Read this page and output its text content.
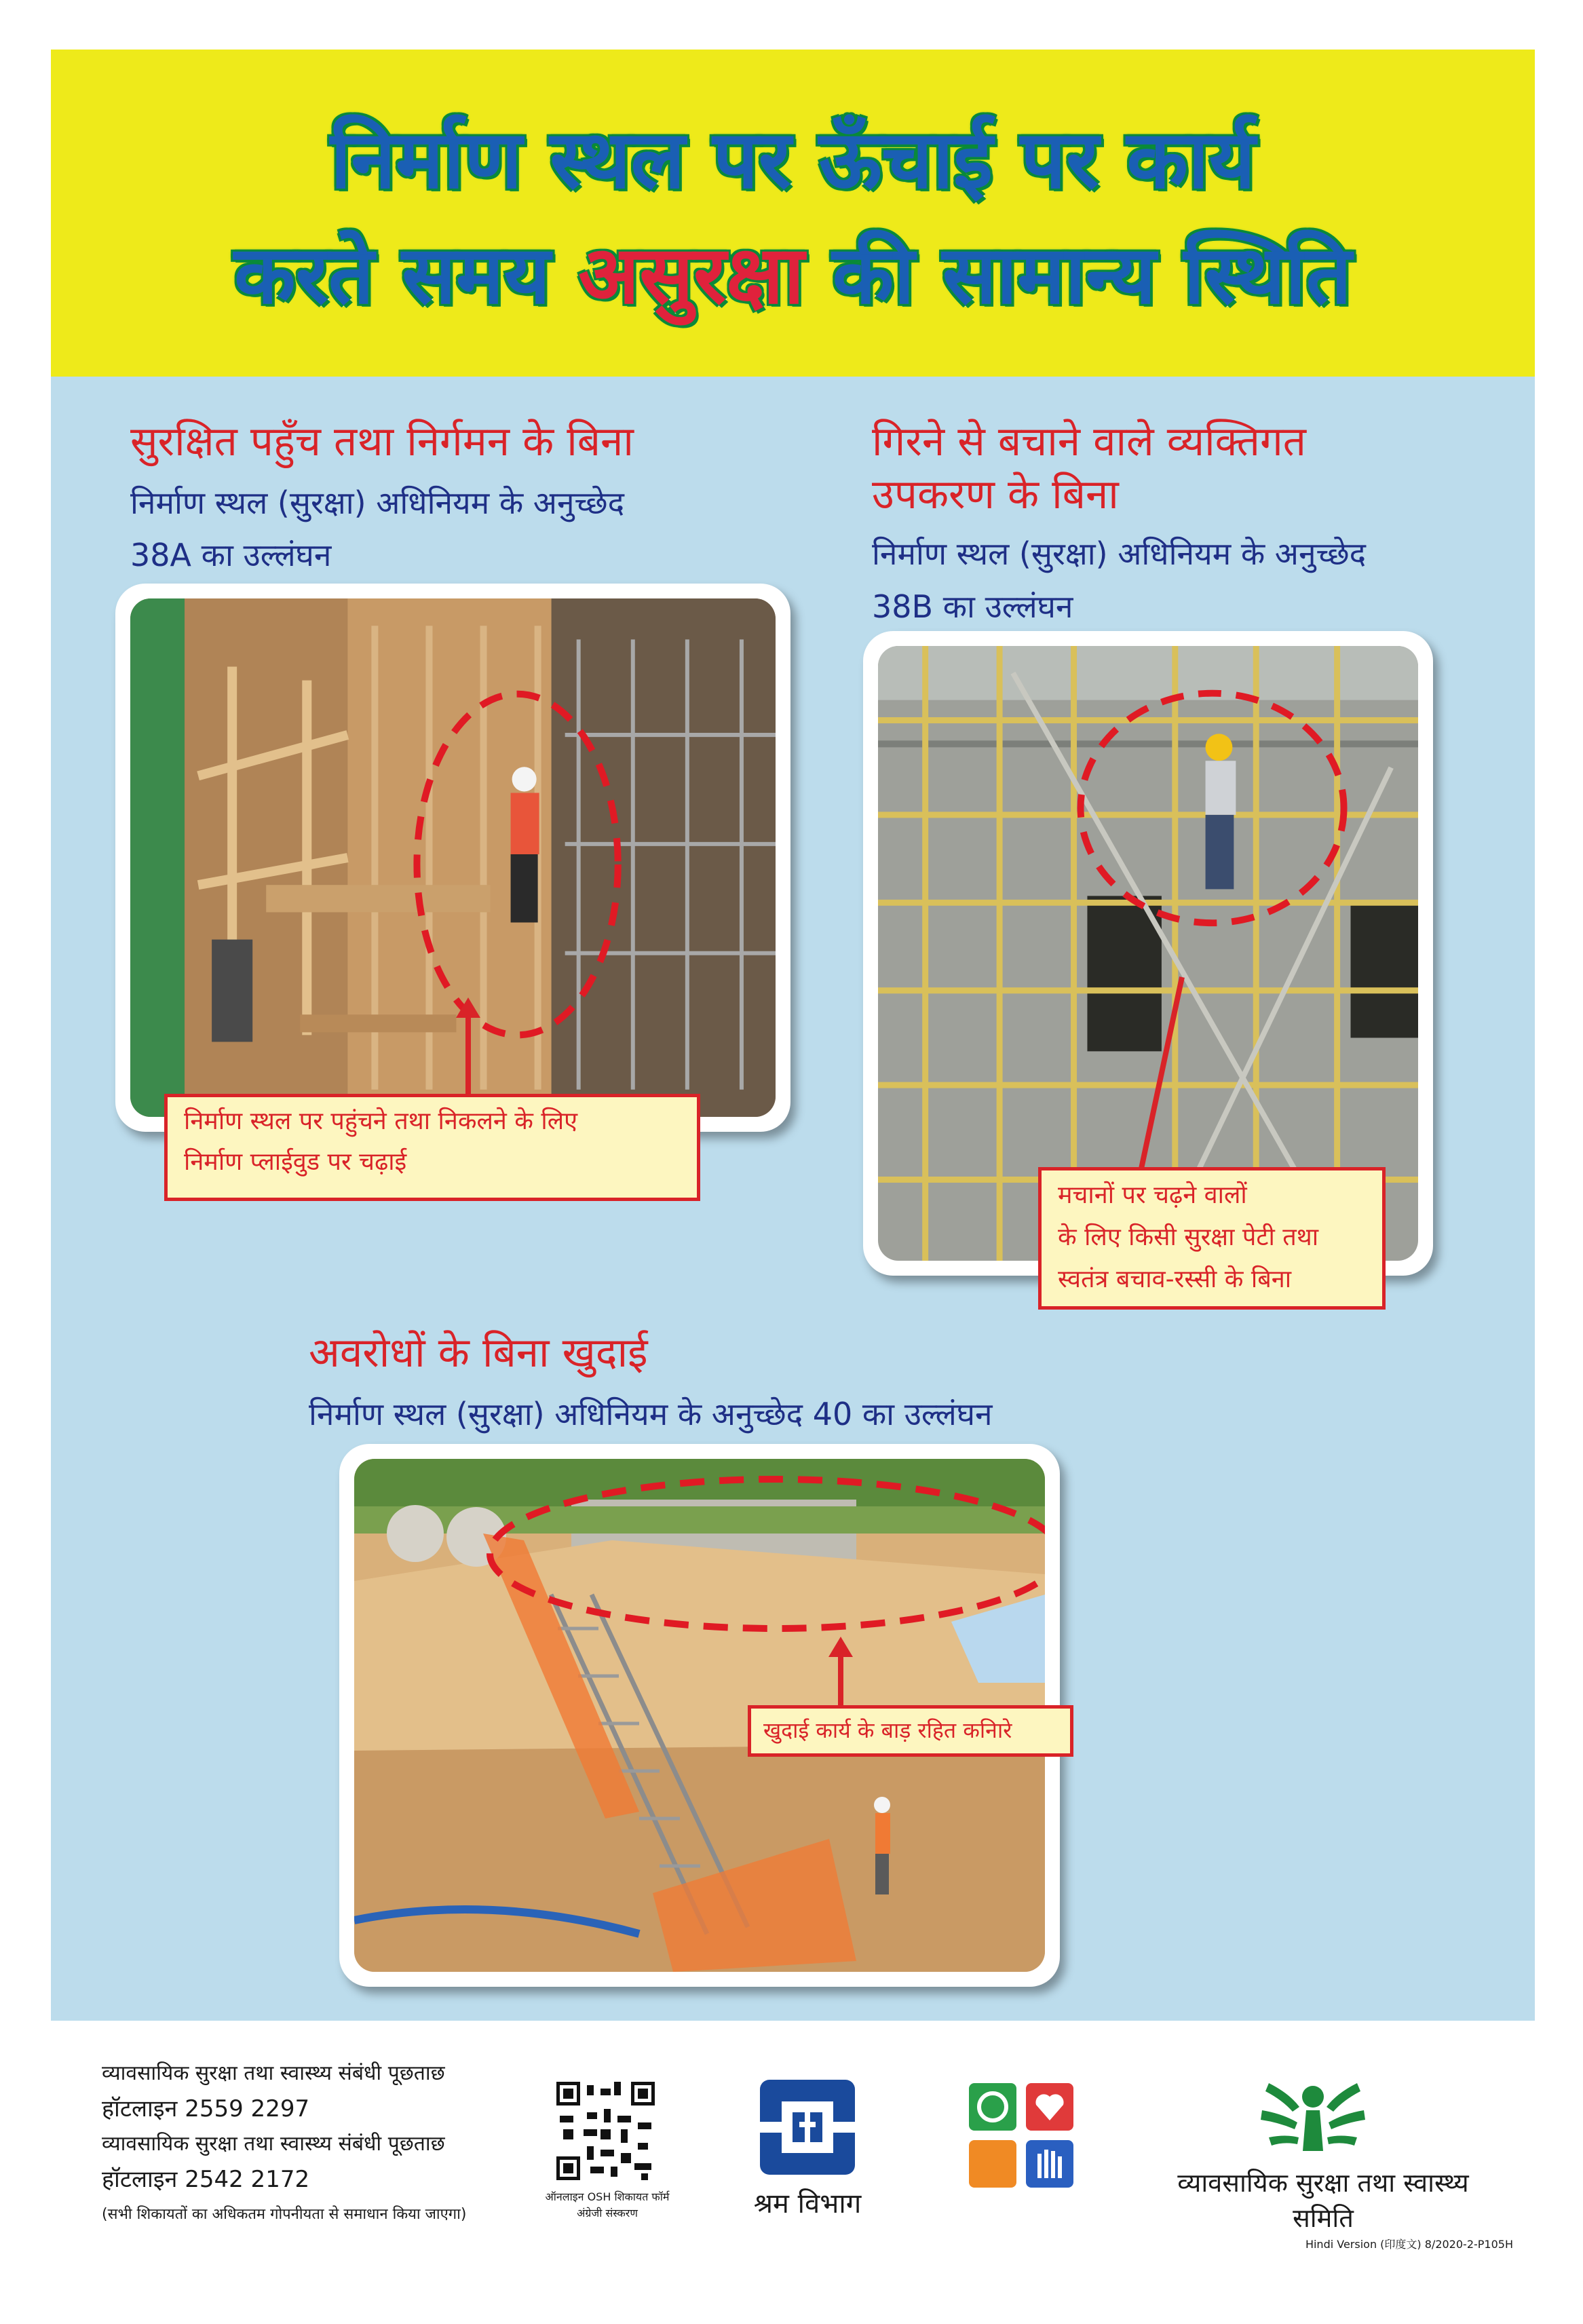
निर्माण स्थल पर ऊँचाई पर कार्य
करते समय असुरक्षा की सामान्य स्थिति
सुरक्षित पहुँच तथा निर्गमन के बिना
निर्माण स्थल (सुरक्षा) अधिनियम के अनुच्छेद
38A का उल्लंघन
निर्माण स्थल पर पहुंचने तथा निकलने के लिए
निर्माण प्लाईवुड पर चढ़ाई
गिरने से बचाने वाले व्यक्तिगत
उपकरण के बिना
निर्माण स्थल (सुरक्षा) अधिनियम के अनुच्छेद
38B का उल्लंघन
मचानों पर चढ़ने वालों
के लिए किसी सुरक्षा पेटी तथा
स्वतंत्र बचाव-रस्सी के बिना
अवरोधों के बिना खुदाई
निर्माण स्थल (सुरक्षा) अधिनियम के अनुच्छेद 40 का उल्लंघन
खुदाई कार्य के बाड़ रहित कनिारे
व्यावसायिक सुरक्षा तथा स्वास्थ्य संबंधी पूछताछ
हॉटलाइन 2559 2297
व्यावसायिक सुरक्षा तथा स्वास्थ्य संबंधी पूछताछ
हॉटलाइन 2542 2172
(सभी शिकायतों का अधिकतम गोपनीयता से समाधान किया जाएगा)
ऑनलाइन OSH शिकायत फॉर्म
अंग्रेजी संस्करण	श्रम विभाग
व्यावसायिक सुरक्षा तथा स्वास्थ्य समिति
Hindi Version (印度文) 8/2020-2-P105H
